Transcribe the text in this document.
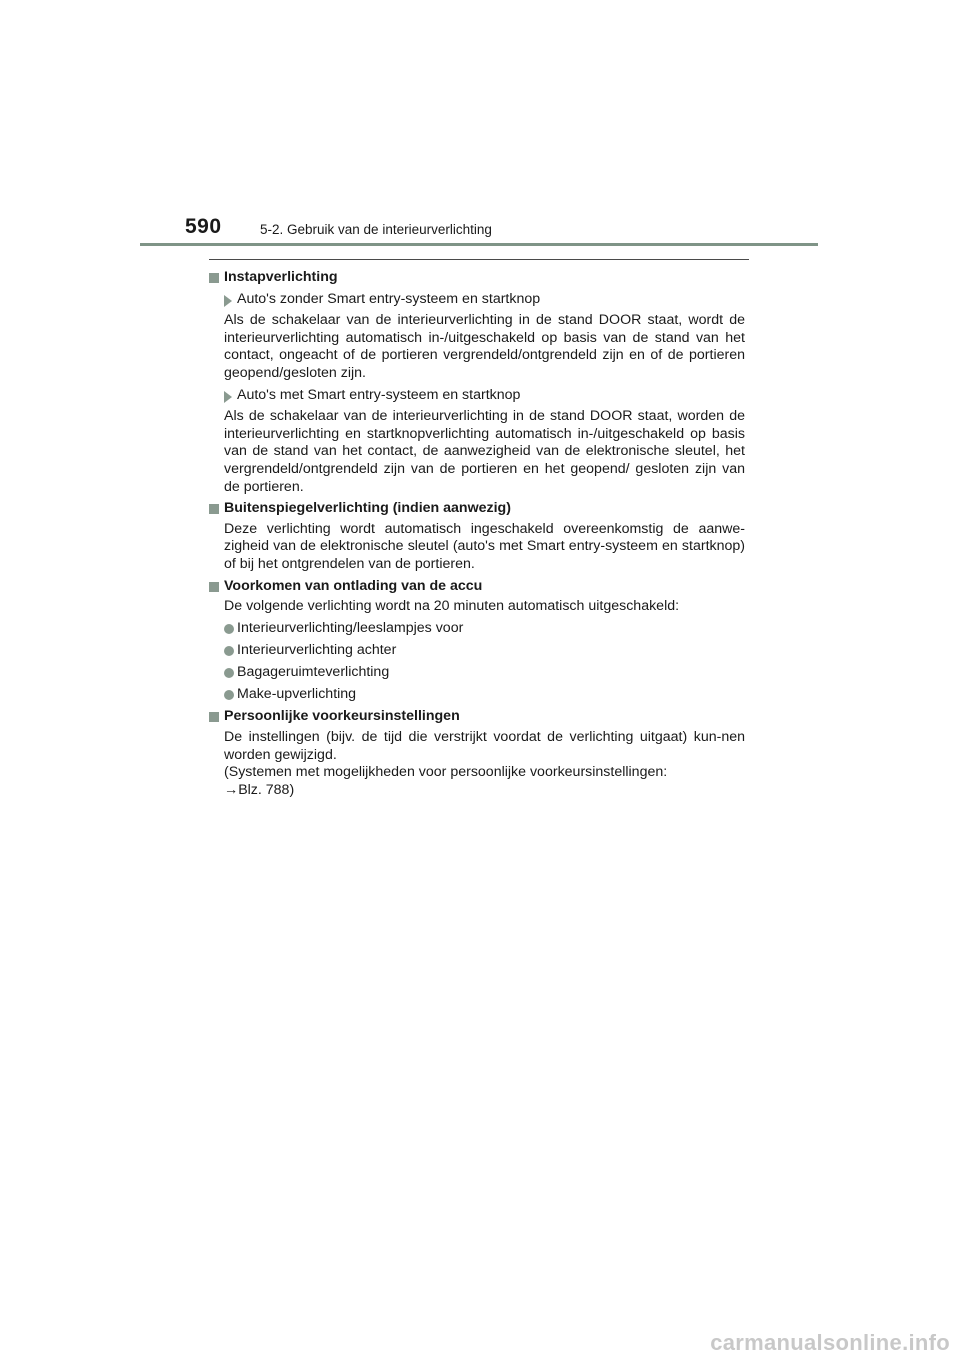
590	5-2. Gebruik van de interieurverlichting
Instapverlichting
Auto's zonder Smart entry-systeem en startknop
Als de schakelaar van de interieurverlichting in de stand DOOR staat, wordt de interieurverlichting automatisch in-/uitgeschakeld op basis van de stand van het contact, ongeacht of de portieren vergrendeld/ontgrendeld zijn en of de portieren geopend/gesloten zijn.
Auto's met Smart entry-systeem en startknop
Als de schakelaar van de interieurverlichting in de stand DOOR staat, worden de interieurverlichting en startknopverlichting automatisch in-/uitgeschakeld op basis van de stand van het contact, de aanwezigheid van de elektronische sleutel, het vergrendeld/ontgrendeld zijn van de portieren en het geopend/ gesloten zijn van de portieren.
Buitenspiegelverlichting (indien aanwezig)
Deze verlichting wordt automatisch ingeschakeld overeenkomstig de aanwe-zigheid van de elektronische sleutel (auto's met Smart entry-systeem en startknop) of bij het ontgrendelen van de portieren.
Voorkomen van ontlading van de accu
De volgende verlichting wordt na 20 minuten automatisch uitgeschakeld:
Interieurverlichting/leeslampjes voor
Interieurverlichting achter
Bagageruimteverlichting
Make-upverlichting
Persoonlijke voorkeursinstellingen
De instellingen (bijv. de tijd die verstrijkt voordat de verlichting uitgaat) kun-nen worden gewijzigd.
(Systemen met mogelijkheden voor persoonlijke voorkeursinstellingen:
→Blz. 788)
carmanualsonline.info
